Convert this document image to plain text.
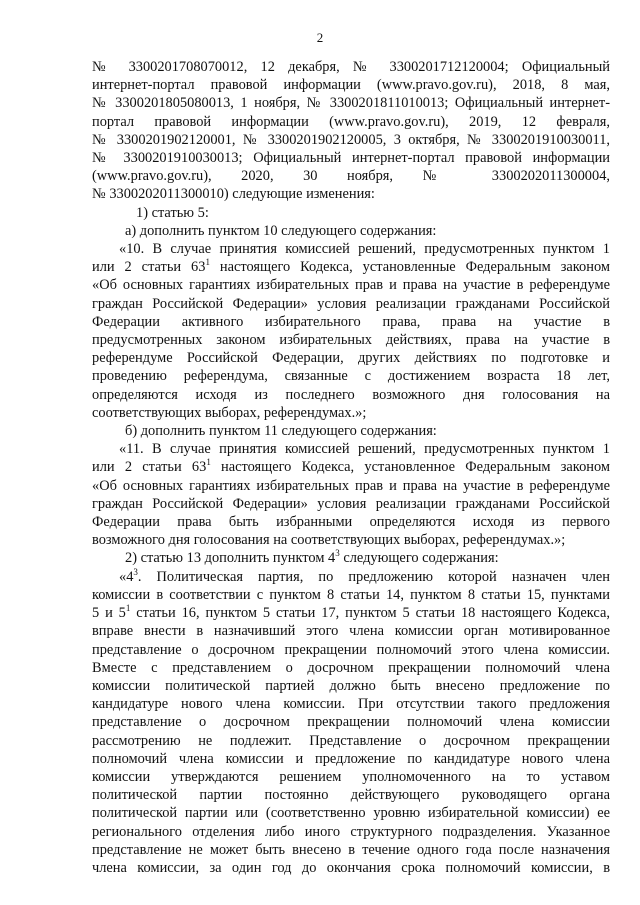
2
№ 3300201708070012, 12 декабря, № 3300201712120004; Официальный
интернет-портал правовой информации (www.pravo.gov.ru), 2018, 8 мая,
№ 3300201805080013, 1 ноября, № 3300201811010013; Официальный интернет-
портал правовой информации (www.pravo.gov.ru), 2019, 12 февраля,
№ 3300201902120001, № 3300201902120005, 3 октября, № 3300201910030011,
№ 3300201910030013; Официальный интернет-портал правовой информации
(www.pravo.gov.ru), 2020, 30 ноября, № 3300202011300004,
№ 3300202011300010) следующие изменения:
1) статью 5:
а) дополнить пунктом 10 следующего содержания:
«10. В случае принятия комиссией решений, предусмотренных пунктом 1
или 2 статьи $63^1$ настоящего Кодекса, установленные Федеральным законом
«Об основных гарантиях избирательных прав и права на участие в референдуме
граждан Российской Федерации» условия реализации гражданами Российской
Федерации активного избирательного права, права на участие в
предусмотренных законом избирательных действиях, права на участие в
референдуме Российской Федерации, других действиях по подготовке и
проведению референдума, связанные с достижением возраста 18 лет,
определяются исходя из последнего возможного дня голосования на
соответствующих выборах, референдумах.»;
б) дополнить пунктом 11 следующего содержания:
«11. В случае принятия комиссией решений, предусмотренных пунктом 1
или 2 статьи $63^1$ настоящего Кодекса, установленное Федеральным законом
«Об основных гарантиях избирательных прав и права на участие в референдуме
граждан Российской Федерации» условия реализации гражданами Российской
Федерации права быть избранными определяются исходя из первого
возможного дня голосования на соответствующих выборах, референдумах.»;
2) статью 13 дополнить пунктом $4^3$ следующего содержания:
«$4^3$. Политическая партия, по предложению которой назначен член
комиссии в соответствии с пунктом 8 статьи 14, пунктом 8 статьи 15, пунктами
5 и $5^1$ статьи 16, пунктом 5 статьи 17, пунктом 5 статьи 18 настоящего Кодекса,
вправе внести в назначивший этого члена комиссии орган мотивированное
представление о досрочном прекращении полномочий этого члена комиссии.
Вместе с представлением о досрочном прекращении полномочий члена
комиссии политической партией должно быть внесено предложение по
кандидатуре нового члена комиссии. При отсутствии такого предложения
представление о досрочном прекращении полномочий члена комиссии
рассмотрению не подлежит. Представление о досрочном прекращении
полномочий члена комиссии и предложение по кандидатуре нового члена
комиссии утверждаются решением уполномоченного на то уставом
политической партии постоянно действующего руководящего органа
политической партии или (соответственно уровню избирательной комиссии) ее
регионального отделения либо иного структурного подразделения. Указанное
представление не может быть внесено в течение одного года после назначения
члена комиссии, за один год до окончания срока полномочий комиссии, в
